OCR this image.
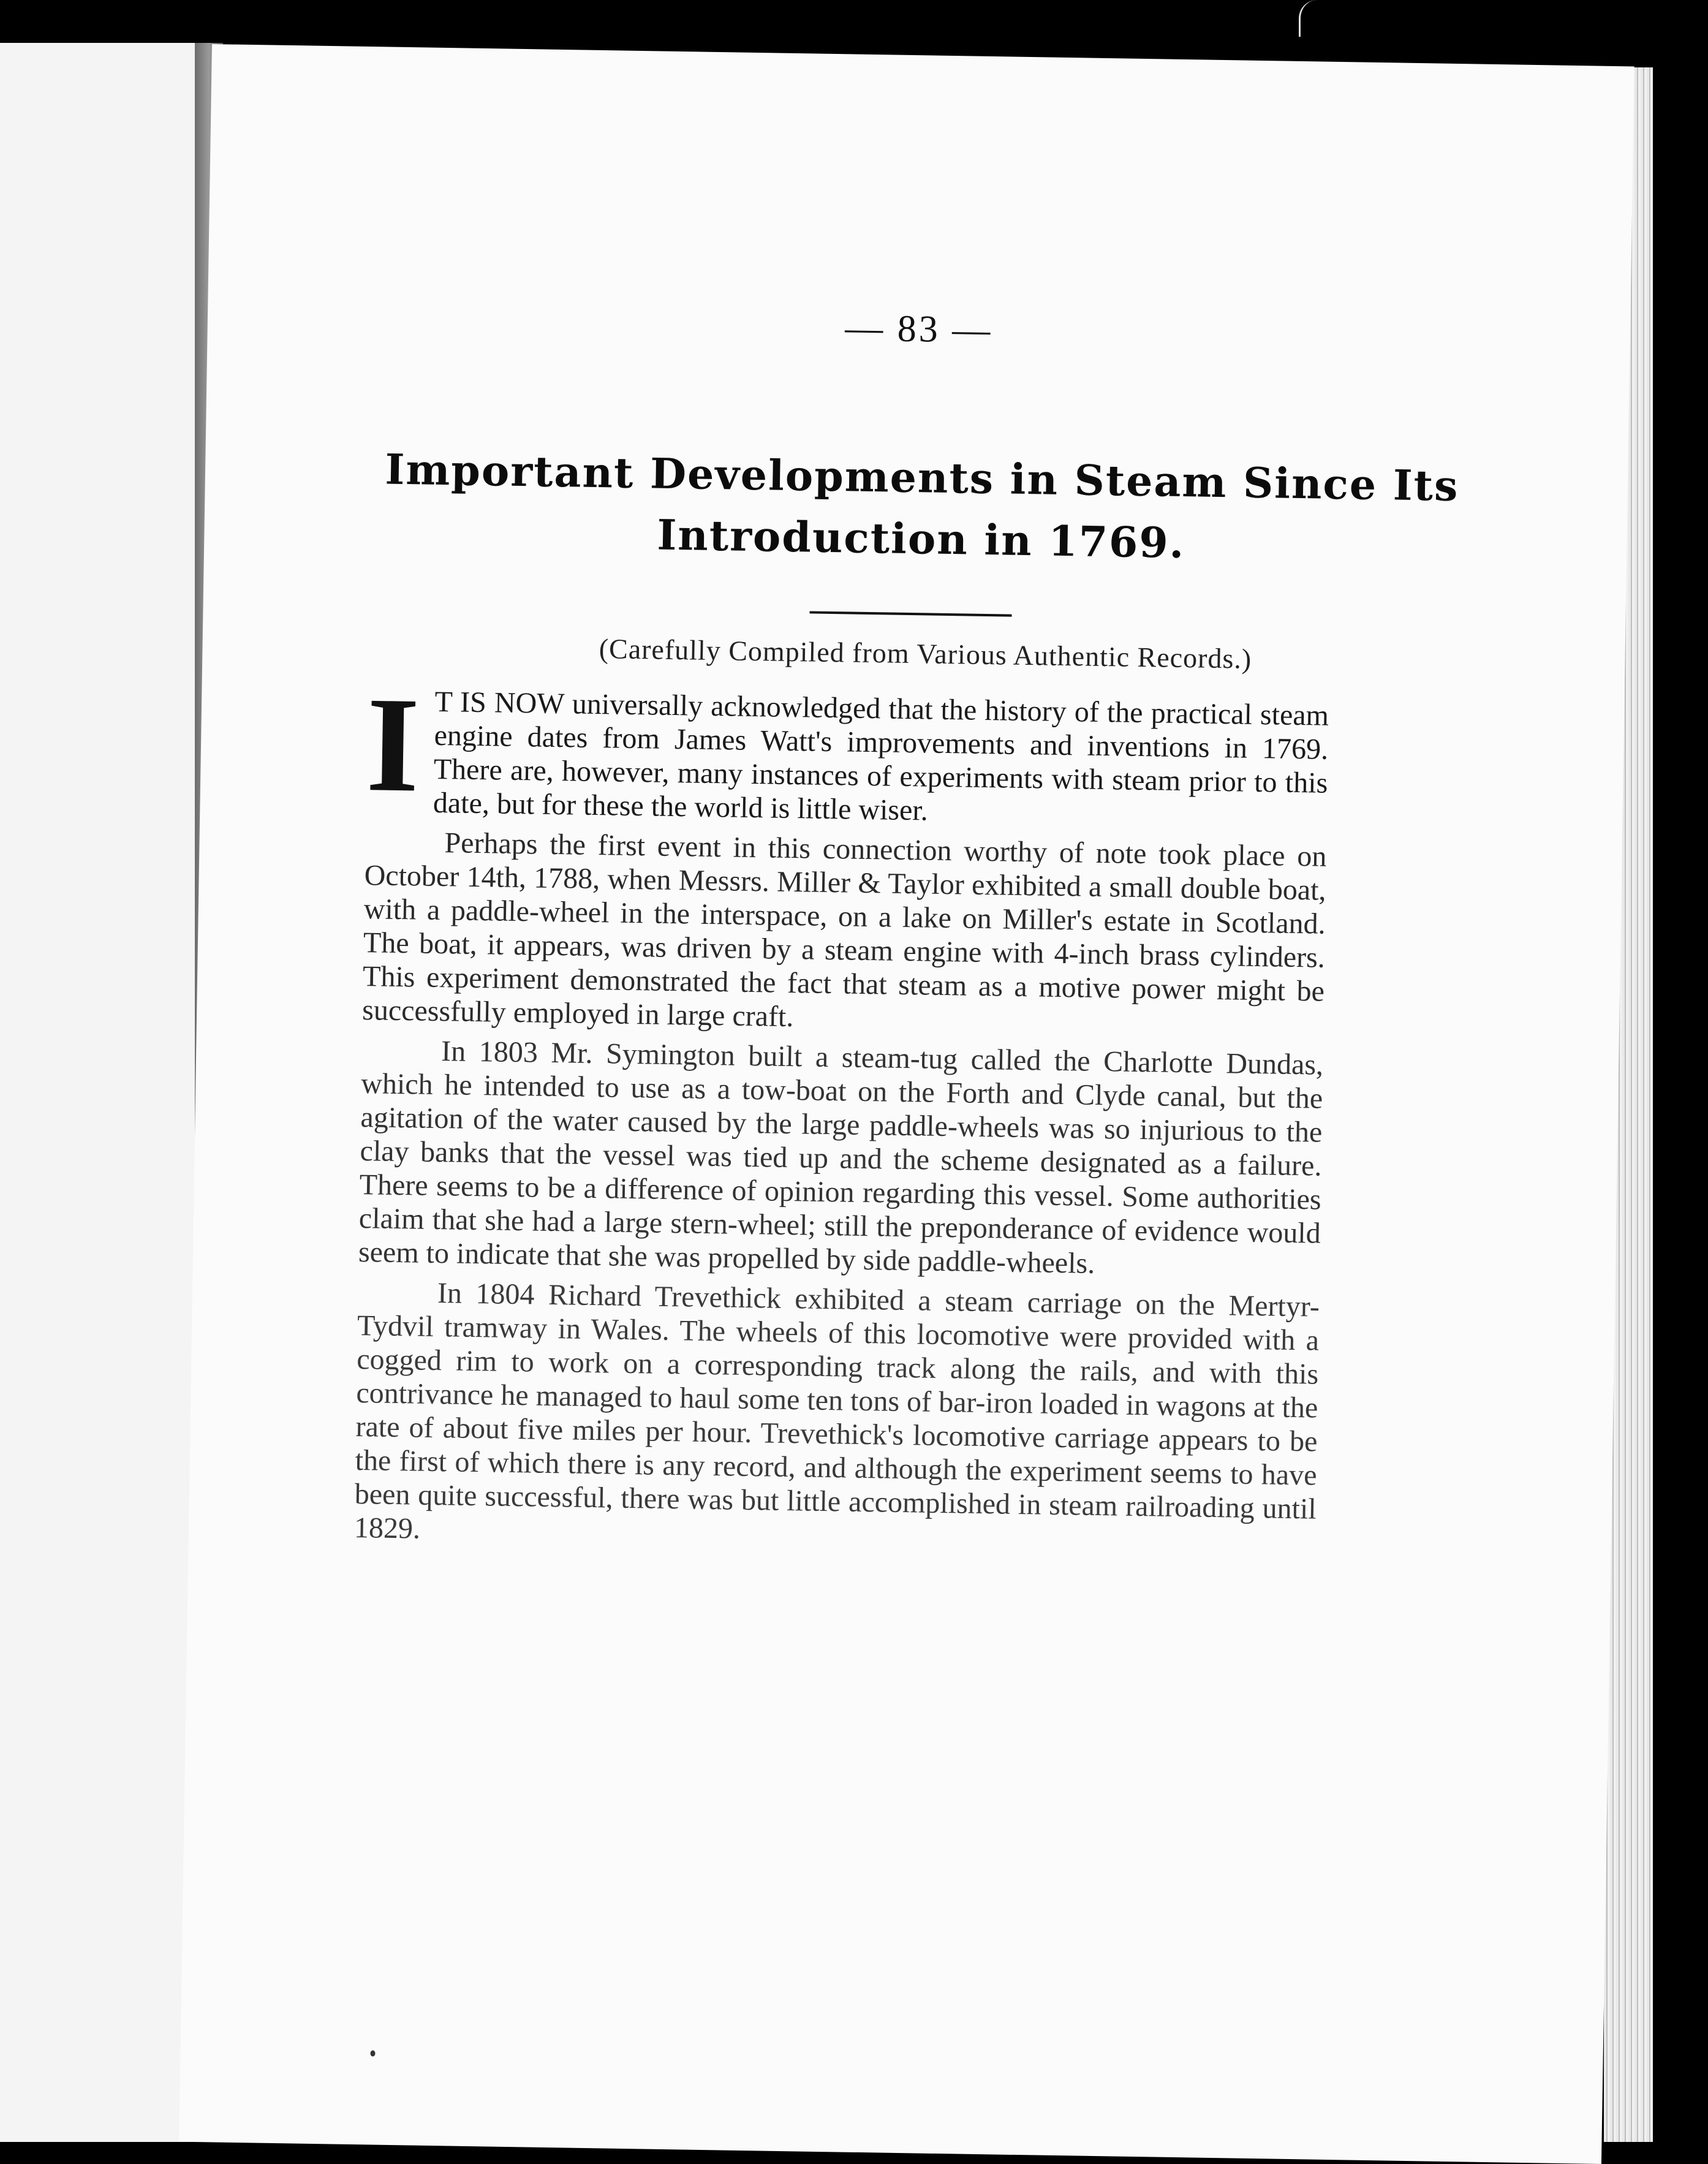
— 83 —
Important Developments in Steam Since Its
Introduction in 1769.
(Carefully Compiled from Various Authentic Records.)

I T IS NOW universally acknowledged that the history of the practical steam engine dates from James Watt's improvements and inventions in 1769. There are, however, many instances of experiments with steam prior to this date, but for these the world is little wiser.

Perhaps the first event in this connection worthy of note took place on October 14th, 1788, when Messrs. Miller & Taylor exhibited a small double boat, with a paddle-wheel in the interspace, on a lake on Miller's estate in Scotland. The boat, it appears, was driven by a steam engine with 4-inch brass cylinders. This experiment demonstrated the fact that steam as a motive power might be successfully employed in large craft.

In 1803 Mr. Symington built a steam-tug called the Charlotte Dundas, which he intended to use as a tow-boat on the Forth and Clyde canal, but the agitation of the water caused by the large paddle-wheels was so injurious to the clay banks that the vessel was tied up and the scheme designated as a failure. There seems to be a difference of opinion regarding this vessel. Some authorities claim that she had a large stern-wheel; still the preponderance of evidence would seem to indicate that she was propelled by side paddle-wheels.

In 1804 Richard Trevethick exhibited a steam carriage on the Mertyr-Tydvil tramway in Wales. The wheels of this locomotive were provided with a cogged rim to work on a corresponding track along the rails, and with this contrivance he managed to haul some ten tons of bar-iron loaded in wagons at the rate of about five miles per hour. Trevethick's locomotive carriage appears to be the first of which there is any record, and although the experiment seems to have been quite successful, there was but little accomplished in steam railroading until 1829.
